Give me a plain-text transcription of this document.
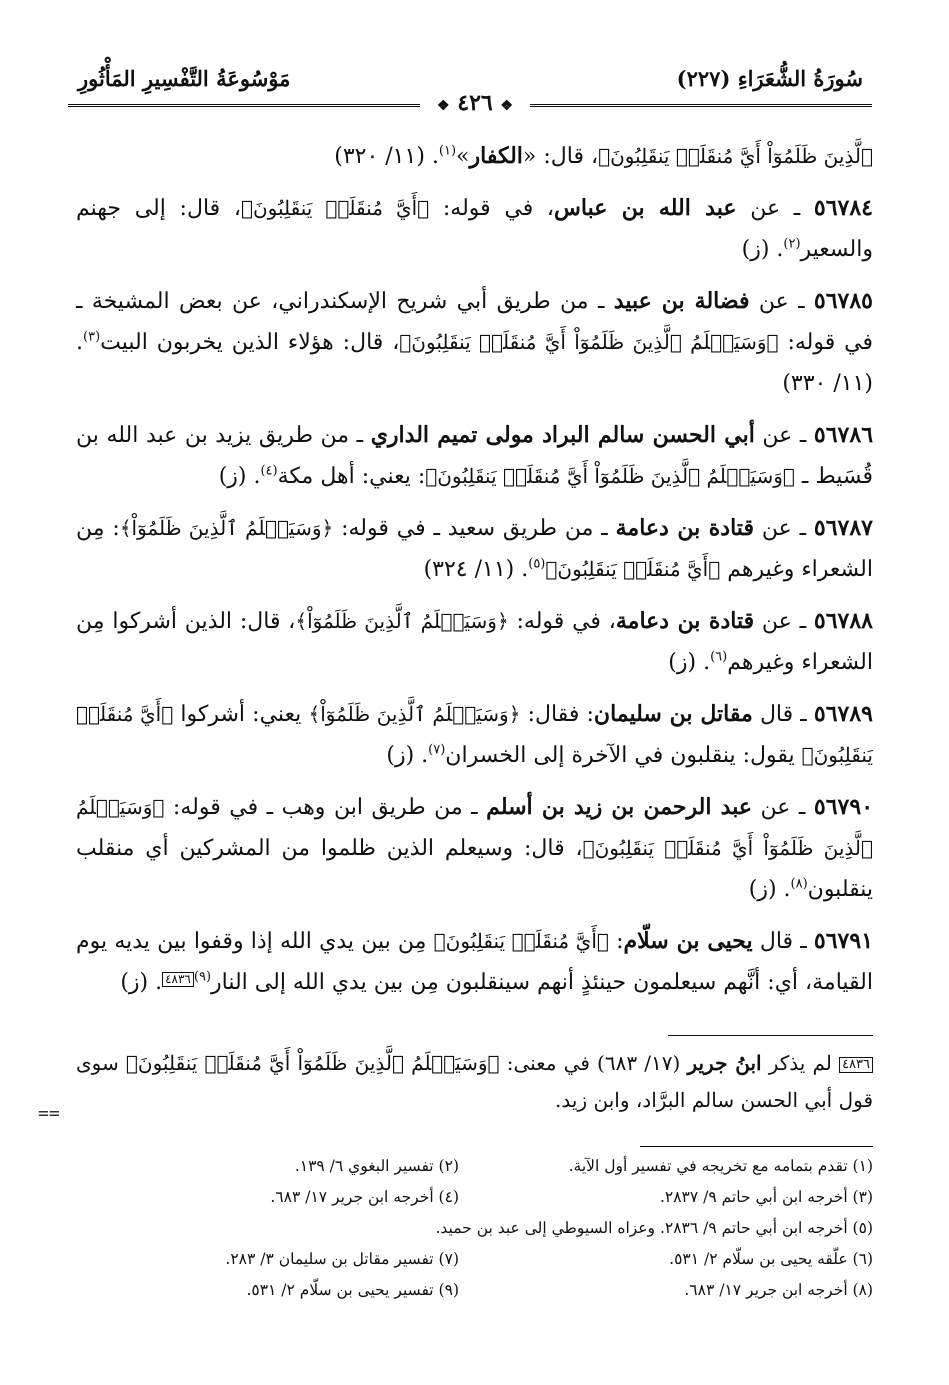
سُورَةُ الشُّعَرَاءِ (٢٢٧)
مَوْسُوعَةُ التَّفْسِيرِ المَأْثُورِ
❖ ٤٢٦ ❖

ٱلَّذِينَ ظَلَمُوٓاْ أَيَّ مُنقَلَبٖ يَنقَلِبُونَ﴾، قال: «الكفار»$^{(١)}$. (١١/ ٣٢٠)

٥٦٧٨٤ ـ عن عبد الله بن عباس، في قوله: ﴿أَيَّ مُنقَلَبٖ يَنقَلِبُونَ﴾، قال: إلى جهنم والسعير$^{(٢)}$. (ز)

٥٦٧٨٥ ـ عن فضالة بن عبيد ـ من طريق أبي شريح الإسكندراني، عن بعض المشيخة ـ في قوله: ﴿وَسَيَعۡلَمُ ٱلَّذِينَ ظَلَمُوٓاْ أَيَّ مُنقَلَبٖ يَنقَلِبُونَ﴾، قال: هؤلاء الذين يخربون البيت$^{(٣)}$. (١١/ ٣٣٠)

٥٦٧٨٦ ـ عن أبي الحسن سالم البراد مولى تميم الداري ـ من طريق يزيد بن عبد الله بن قُسَيط ـ ﴿وَسَيَعۡلَمُ ٱلَّذِينَ ظَلَمُوٓاْ أَيَّ مُنقَلَبٖ يَنقَلِبُونَ﴾: يعني: أهل مكة$^{(٤)}$. (ز)

٥٦٧٨٧ ـ عن قتادة بن دعامة ـ من طريق سعيد ـ في قوله: ﴿وَسَيَعۡلَمُ ٱلَّذِينَ ظَلَمُوٓاْ﴾: مِن الشعراء وغيرهم ﴿أَيَّ مُنقَلَبٖ يَنقَلِبُونَ﴾$^{(٥)}$. (١١/ ٣٢٤)

٥٦٧٨٨ ـ عن قتادة بن دعامة، في قوله: ﴿وَسَيَعۡلَمُ ٱلَّذِينَ ظَلَمُوٓاْ﴾، قال: الذين أشركوا مِن الشعراء وغيرهم$^{(٦)}$. (ز)

٥٦٧٨٩ ـ قال مقاتل بن سليمان: فقال: ﴿وَسَيَعۡلَمُ ٱلَّذِينَ ظَلَمُوٓاْ﴾ يعني: أشركوا ﴿أَيَّ مُنقَلَبٖ يَنقَلِبُونَ﴾ يقول: ينقلبون في الآخرة إلى الخسران$^{(٧)}$. (ز)

٥٦٧٩٠ ـ عن عبد الرحمن بن زيد بن أسلم ـ من طريق ابن وهب ـ في قوله: ﴿وَسَيَعۡلَمُ ٱلَّذِينَ ظَلَمُوٓاْ أَيَّ مُنقَلَبٖ يَنقَلِبُونَ﴾، قال: وسيعلم الذين ظلموا من المشركين أي منقلب ينقلبون$^{(٨)}$. (ز)

٥٦٧٩١ ـ قال يحيى بن سلّام: ﴿أَيَّ مُنقَلَبٖ يَنقَلِبُونَ﴾ مِن بين يدي الله إذا وقفوا بين يديه يوم القيامة، أي: أنَّهم سيعلمون حينئذٍ أنهم سينقلبون مِن بين يدي الله إلى النار$^{(٩)}$٤٨٣٦. (ز)

٤٨٣٦ لم يذكر ابنُ جرير (١٧/ ٦٨٣) في معنى: ﴿وَسَيَعۡلَمُ ٱلَّذِينَ ظَلَمُوٓاْ أَيَّ مُنقَلَبٖ يَنقَلِبُونَ﴾ سوى قول أبي الحسن سالم البرَّاد، وابن زيد.
==
(١) تقدم بتمامه مع تخريجه في تفسير أول الآية.
(٢) تفسير البغوي ٦/ ١٣٩.
(٣) أخرجه ابن أبي حاتم ٩/ ٢٨٣٧.
(٤) أخرجه ابن جرير ١٧/ ٦٨٣.
(٥) أخرجه ابن أبي حاتم ٩/ ٢٨٣٦. وعزاه السيوطي إلى عبد بن حميد.
(٦) علّقه يحيى بن سلّام ٢/ ٥٣١.
(٧) تفسير مقاتل بن سليمان ٣/ ٢٨٣.
(٨) أخرجه ابن جرير ١٧/ ٦٨٣.
(٩) تفسير يحيى بن سلّام ٢/ ٥٣١.
